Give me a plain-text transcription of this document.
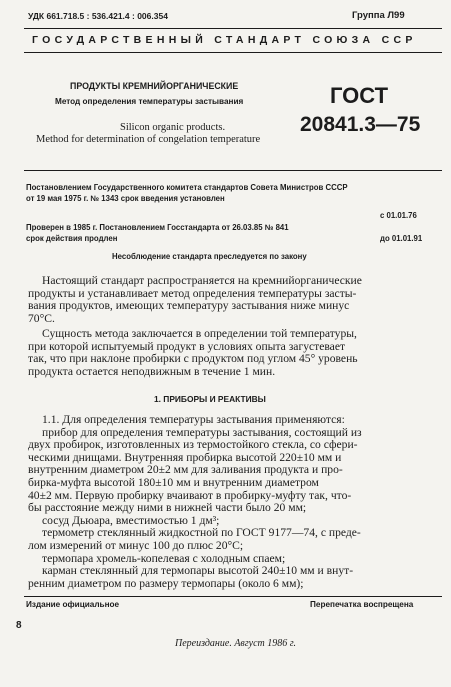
УДК 661.718.5 : 536.421.4 : 006.354	Группа Л99
ГОСУДАРСТВЕННЫЙ СТАНДАРТ СОЮЗА ССР
ПРОДУКТЫ КРЕМНИЙОРГАНИЧЕСКИЕ
Метод определения температуры застывания
Silicon organic products.
Method for determination of congelation temperature
ГОСТ
20841.3—75
Постановлением Государственного комитета стандартов Совета Министров СССР
от 19 мая 1975 г. № 1343 срок введения установлен
с 01.01.76
Проверен в 1985 г. Постановлением Госстандарта от 26.03.85 № 841
срок действия продлен	до 01.01.91
Несоблюдение стандарта преследуется по закону
Настоящий стандарт распространяется на кремнийорганические
продукты и устанавливает метод определения температуры засты-
вания продуктов, имеющих температуру застывания ниже минус
70°С.
Сущность метода заключается в определении той температуры,
при которой испытуемый продукт в условиях опыта загустевает
так, что при наклоне пробирки с продуктом под углом 45° уровень
продукта остается неподвижным в течение 1 мин.
1. ПРИБОРЫ И РЕАКТИВЫ
1.1. Для определения температуры застывания применяются:
прибор для определения температуры застывания, состоящий из
двух пробирок, изготовленных из термостойкого стекла, со сфери-
ческими днищами. Внутренняя пробирка высотой 220±10 мм и
внутренним диаметром 20±2 мм для заливания продукта и про-
бирка-муфта высотой 180±10 мм и внутренним диаметром
40±2 мм. Первую пробирку вчаивают в пробирку-муфту так, что-
бы расстояние между ними в нижней части было 20 мм;
сосуд Дьюара, вместимостью 1 дм³;
термометр стеклянный жидкостной по ГОСТ 9177—74, с преде-
лом измерений от минус 100 до плюс 20°С;
термопара хромель-копелевая с холодным спаем;
карман стеклянный для термопары высотой 240±10 мм и внут-
ренним диаметром по размеру термопары (около 6 мм);
Издание официальное	Перепечатка воспрещена
8
Переиздание. Август 1986 г.
